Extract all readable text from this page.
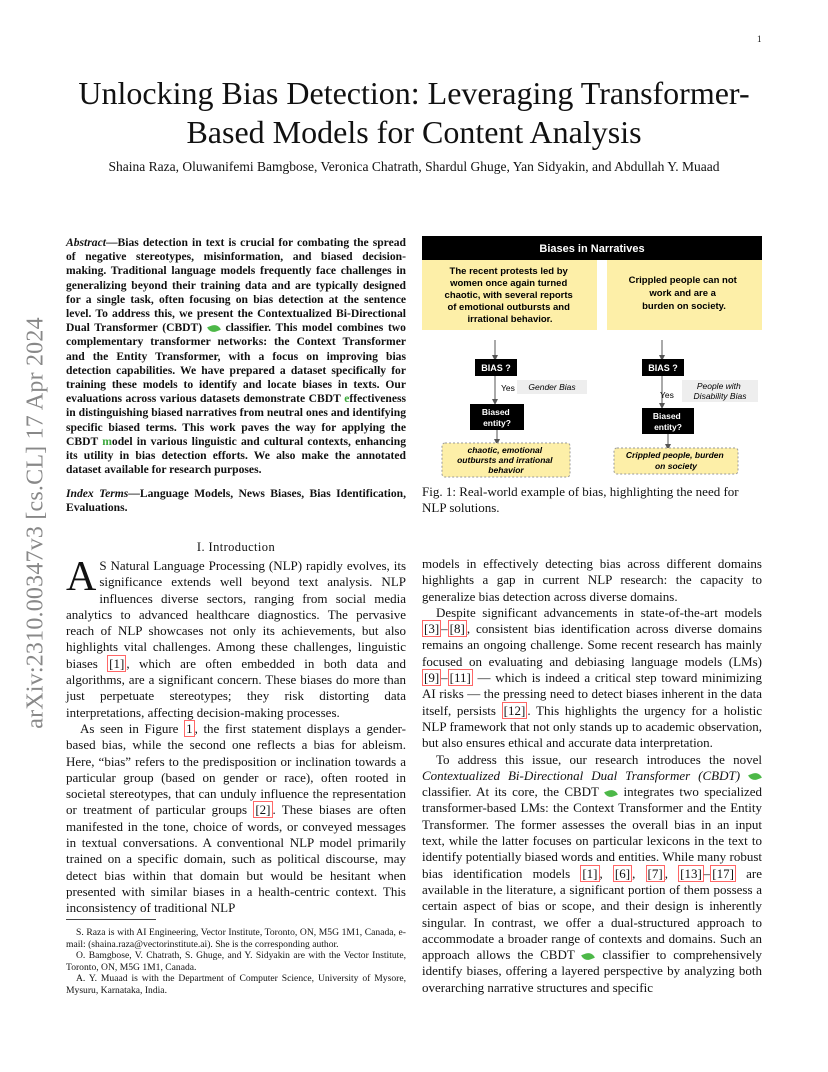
1
arXiv:2310.00347v3 [cs.CL] 17 Apr 2024
Unlocking Bias Detection: Leveraging Transformer-Based Models for Content Analysis
Shaina Raza, Oluwanifemi Bamgbose, Veronica Chatrath, Shardul Ghuge, Yan Sidyakin, and Abdullah Y. Muaad
Abstract—Bias detection in text is crucial for combating the spread of negative stereotypes, misinformation, and biased decision-making. Traditional language models frequently face challenges in generalizing beyond their training data and are typically designed for a single task, often focusing on bias detection at the sentence level. To address this, we present the Contextualized Bi-Directional Dual Transformer (CBDT) classifier. This model combines two complementary transformer networks: the Context Transformer and the Entity Transformer, with a focus on improving bias detection capabilities. We have prepared a dataset specifically for training these models to identify and locate biases in texts. Our evaluations across various datasets demonstrate CBDT effectiveness in distinguishing biased narratives from neutral ones and identifying specific biased terms. This work paves the way for applying the CBDT model in various linguistic and cultural contexts, enhancing its utility in bias detection efforts. We also make the annotated dataset available for research purposes.
Index Terms—Language Models, News Biases, Bias Identification, Evaluations.
I. Introduction

A S Natural Language Processing (NLP) rapidly evolves, its significance extends well beyond text analysis. NLP influences diverse sectors, ranging from social media analytics to advanced healthcare diagnostics. The pervasive reach of NLP showcases not only its achievements, but also highlights vital challenges. Among these challenges, linguistic biases [1] , which are often embedded in both data and algorithms, are a significant concern. These biases do more than just perpetuate stereotypes; they risk distorting data interpretations, affecting decision-making processes.

As seen in Figure 1 , the first statement displays a gender-based bias, while the second one reflects a bias for ableism. Here, “bias” refers to the predisposition or inclination towards a particular group (based on gender or race), often rooted in societal stereotypes, that can unduly influence the representation or treatment of particular groups [2] . These biases are often manifested in the tone, choice of words, or conveyed messages in textual conversations. A conventional NLP model primarily trained on a specific domain, such as political discourse, may detect bias within that domain but would be hesitant when presented with similar biases in a health-centric context. This inconsistency of traditional NLP

S. Raza is with AI Engineering, Vector Institute, Toronto, ON, M5G 1M1, Canada, e-mail: (shaina.raza@vectorinstitute.ai). She is the corresponding author.

O. Bamgbose, V. Chatrath, S. Ghuge, and Y. Sidyakin are with the Vector Institute, Toronto, ON, M5G 1M1, Canada.

A. Y. Muaad is with the Department of Computer Science, University of Mysore, Mysuru, Karnataka, India.

Biases in Narratives
The recent protests led by women once again turned chaotic, with several reports of emotional outbursts and irrational behavior.
Crippled people can not work and are a burden on society.
BIAS ?
Yes Gender Bias
Biased entity?
chaotic, emotional outbursts and irrational behavior
BIAS ?
Yes
People with Disability Bias
Biased entity?
Crippled people, burden on society
Fig. 1: Real-world example of bias, highlighting the need for NLP solutions.

models in effectively detecting bias across different domains highlights a gap in current NLP research: the capacity to generalize bias detection across diverse domains.

Despite significant advancements in state-of-the-art models [3] – [8] , consistent bias identification across diverse domains remains an ongoing challenge. Some recent research has mainly focused on evaluating and debiasing language models (LMs) [9] – [11] — which is indeed a critical step toward minimizing AI risks — the pressing need to detect biases inherent in the data itself, persists [12] . This highlights the urgency for a holistic NLP framework that not only stands up to academic observation, but also ensures ethical and accurate data interpretation.

To address this issue, our research introduces the novel Contextualized Bi-Directional Dual Transformer (CBDT)  classifier. At its core, the CBDT  integrates two specialized transformer-based LMs: the Context Transformer and the Entity Transformer. The former assesses the overall bias in an input text, while the latter focuses on particular lexicons in the text to identify potentially biased words and entities. While many robust bias identification models [1] , [6] , [7] , [13] – [17] are available in the literature, a significant portion of them possess a certain aspect of bias or scope, and their design is inherently singular. In contrast, we offer a dual-structured approach to accommodate a broader range of contexts and domains. Such an approach allows the CBDT  classifier to comprehensively identify biases, offering a layered perspective by analyzing both overarching narrative structures and specific
